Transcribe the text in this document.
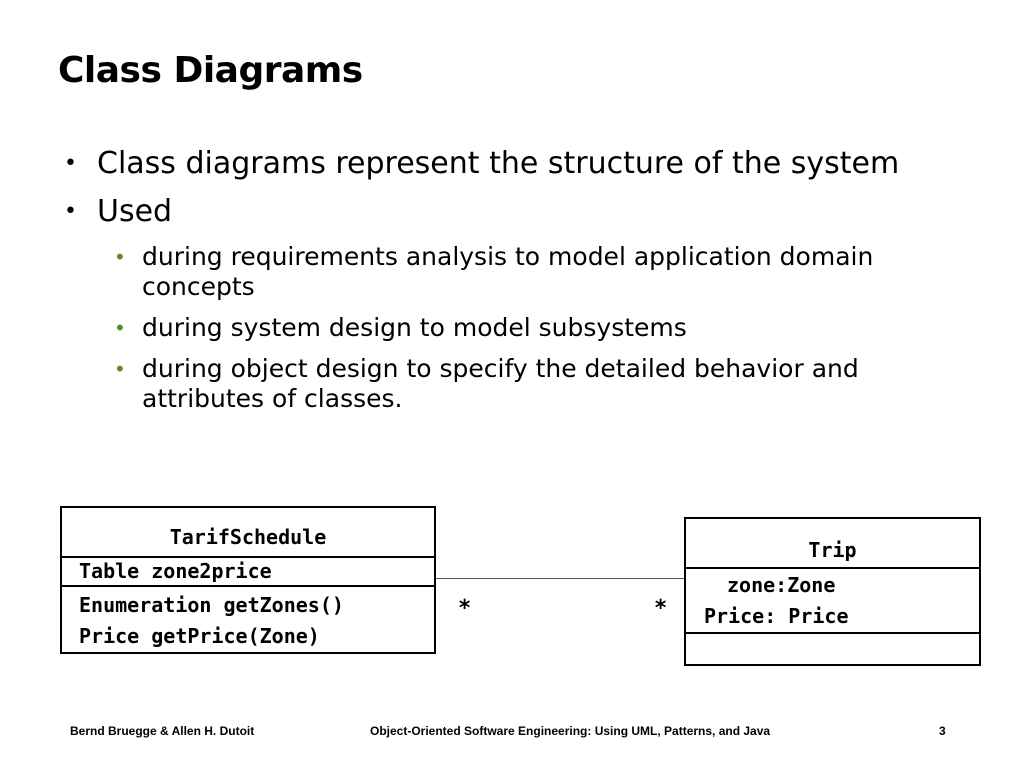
Class Diagrams
• Class diagrams represent the structure of the system
• Used
• during requirements analysis to model application domain concepts
• during system design to model subsystems
• during object design to specify the detailed behavior and attributes of classes.
TarifSchedule
Table zone2price
Enumeration getZones()
Price getPrice(Zone)
*	*
Trip
zone:Zone
Price: Price
Bernd Bruegge & Allen H. Dutoit	Object-Oriented Software Engineering: Using UML, Patterns, and Java	3
